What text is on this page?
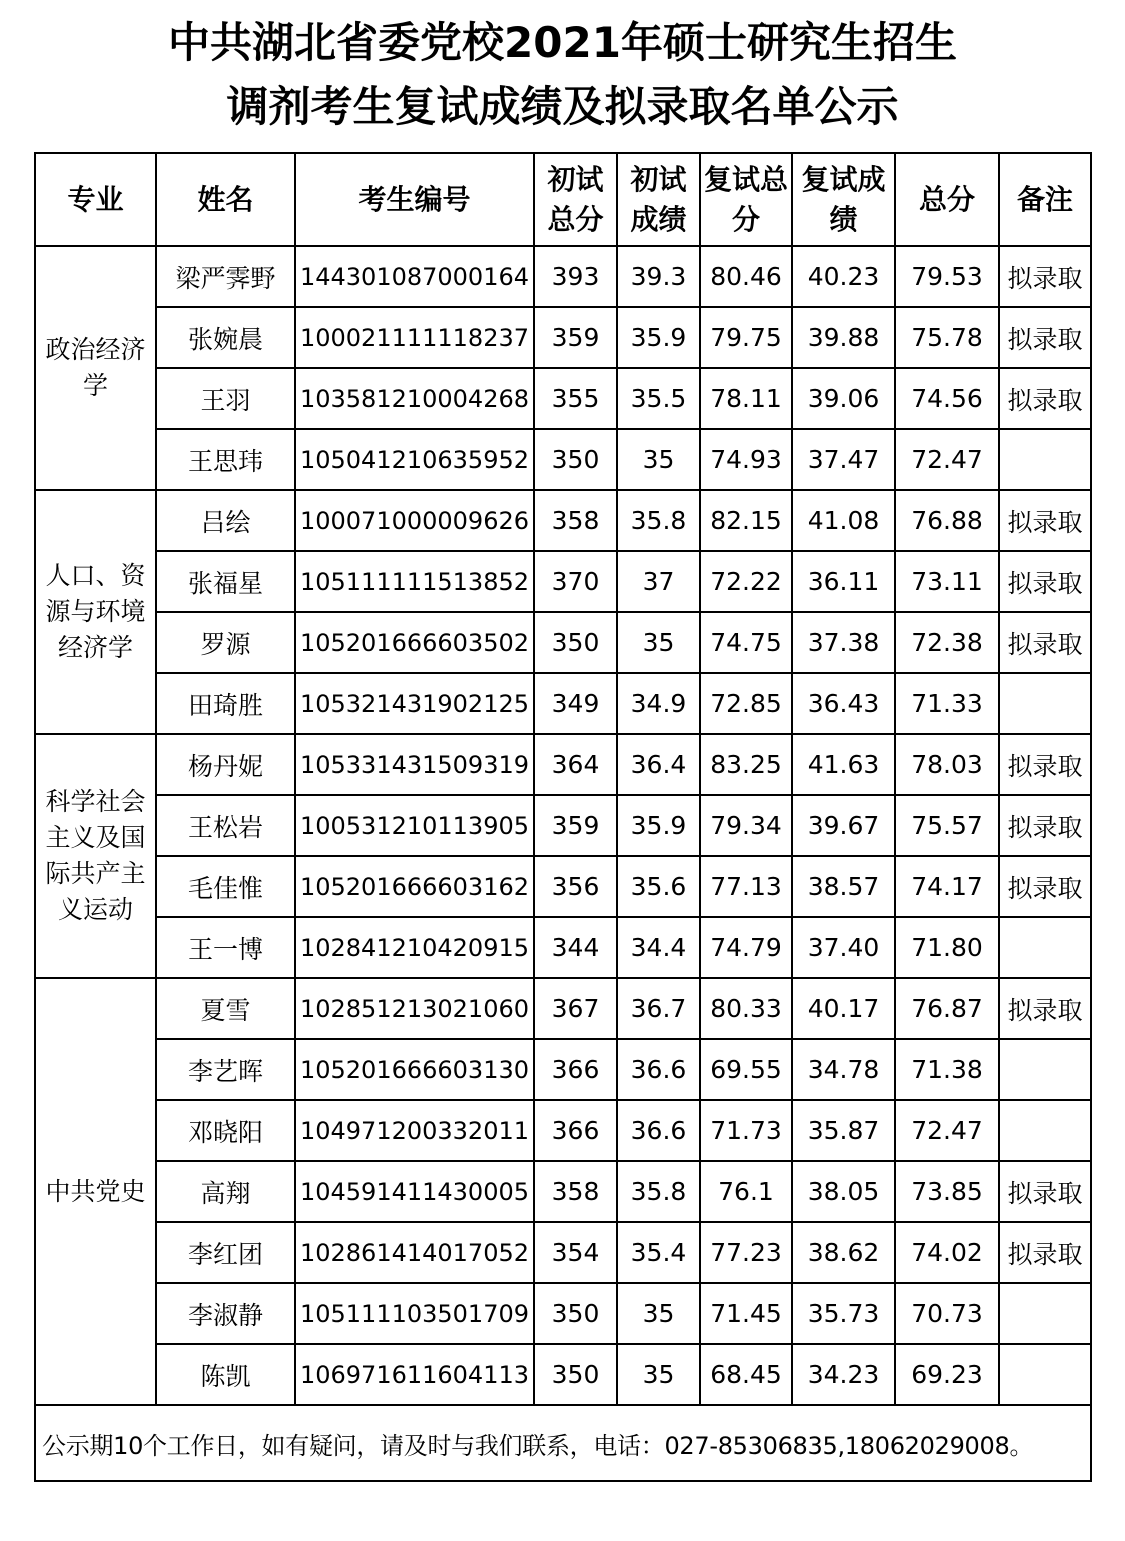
中共湖北省委党校2021年硕士研究生招生
调剂考生复试成绩及拟录取名单公示
专业	姓名	考生编号	初试总分	初试成绩	复试总分	复试成绩	总分	备注
政治经济学	梁严霁野	144301087000164	393	39.3	80.46	40.23	79.53	拟录取
	张婉晨	100021111118237	359	35.9	79.75	39.88	75.78	拟录取
	王羽	103581210004268	355	35.5	78.11	39.06	74.56	拟录取
	王思玮	105041210635952	350	35	74.93	37.47	72.47	
人口、资源与环境经济学	吕绘	100071000009626	358	35.8	82.15	41.08	76.88	拟录取
	张福星	105111111513852	370	37	72.22	36.11	73.11	拟录取
	罗源	105201666603502	350	35	74.75	37.38	72.38	拟录取
	田琦胜	105321431902125	349	34.9	72.85	36.43	71.33	
科学社会主义及国际共产主义运动	杨丹妮	105331431509319	364	36.4	83.25	41.63	78.03	拟录取
	王松岩	100531210113905	359	35.9	79.34	39.67	75.57	拟录取
	毛佳惟	105201666603162	356	35.6	77.13	38.57	74.17	拟录取
	王一博	102841210420915	344	34.4	74.79	37.40	71.80	
中共党史	夏雪	102851213021060	367	36.7	80.33	40.17	76.87	拟录取
	李艺晖	105201666603130	366	36.6	69.55	34.78	71.38	
	邓晓阳	104971200332011	366	36.6	71.73	35.87	72.47	
	高翔	104591411430005	358	35.8	76.1	38.05	73.85	拟录取
	李红团	102861414017052	354	35.4	77.23	38.62	74.02	拟录取
	李淑静	105111103501709	350	35	71.45	35.73	70.73	
	陈凯	106971611604113	350	35	68.45	34.23	69.23	
公示期10个工作日，如有疑问，请及时与我们联系，电话：027-85306835,18062029008。								
